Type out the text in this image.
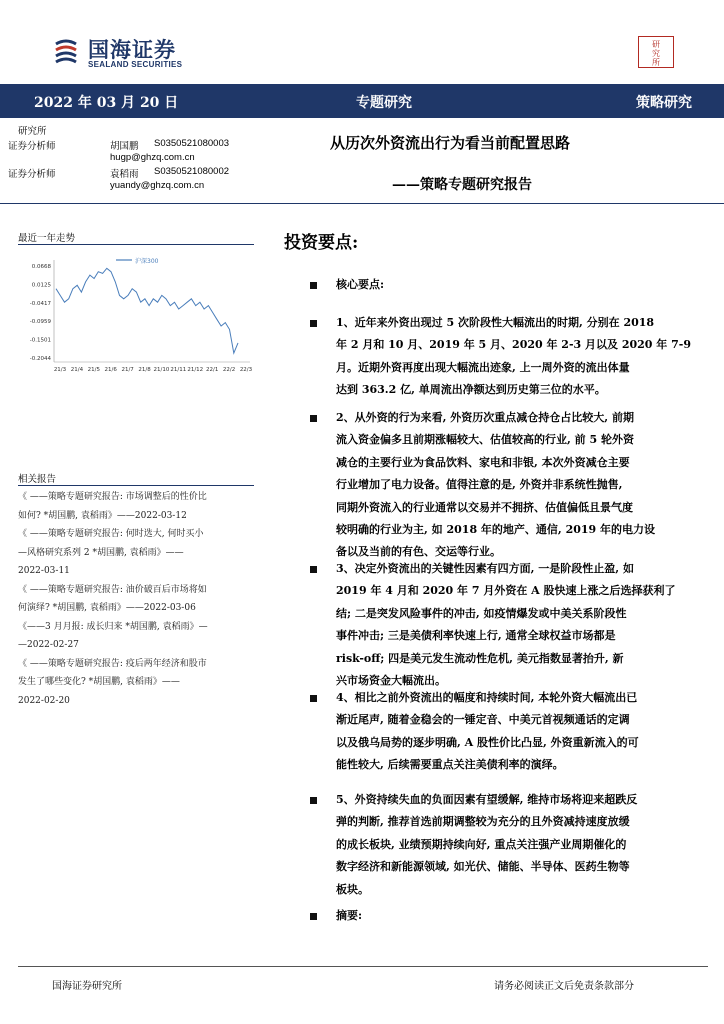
国海证券
SEALAND SECURITIES
研
究
所
2022 年 03 月 20 日	专题研究	策略研究
研究所
证券分析师	胡国鹏 S0350521080003
hugp@ghzq.com.cn
证券分析师	袁稻雨 S0350521080002
yuandy@ghzq.com.cn
从历次外资流出行为看当前配置思路
——策略专题研究报告
最近一年走势
0.0668
0.0125
-0.0417
-0.0959
-0.1501
-0.2044
21/3 21/4 21/5 21/6 21/7 21/8 21/10 21/11 21/12 22/1 22/2 22/3
沪深300
相关报告
《 ——策略专题研究报告: 市场调整后的性价比
如何? *胡国鹏, 袁稻雨》——2022-03-12
《 ——策略专题研究报告: 何时选大, 何时买小
—风格研究系列 2 *胡国鹏, 袁稻雨》——
2022-03-11
《 ——策略专题研究报告: 油价破百后市场将如
何演绎? *胡国鹏, 袁稻雨》——2022-03-06
《——3 月月报: 成长归来 *胡国鹏, 袁稻雨》—
—2022-02-27
《 ——策略专题研究报告: 疫后两年经济和股市
发生了哪些变化? *胡国鹏, 袁稻雨》——
2022-02-20
投资要点:
核心要点:
1、近年来外资出现过 5 次阶段性大幅流出的时期, 分别在 2018
年 2 月和 10 月、2019 年 5 月、2020 年 2-3 月以及 2020 年 7-9
月。近期外资再度出现大幅流出迹象, 上一周外资的流出体量
达到 363.2 亿, 单周流出净额达到历史第三位的水平。
2、从外资的行为来看, 外资历次重点减仓持仓占比较大, 前期
流入资金偏多且前期涨幅较大、估值较高的行业, 前 5 轮外资
减仓的主要行业为食品饮料、家电和非银, 本次外资减仓主要
行业增加了电力设备。值得注意的是, 外资并非系统性抛售,
同期外资流入的行业通常以交易并不拥挤、估值偏低且景气度
较明确的行业为主, 如 2018 年的地产、通信, 2019 年的电力设
备以及当前的有色、交运等行业。
3、决定外资流出的关键性因素有四方面, 一是阶段性止盈, 如
2019 年 4 月和 2020 年 7 月外资在 A 股快速上涨之后选择获利了
结; 二是突发风险事件的冲击, 如疫情爆发或中美关系阶段性
事件冲击; 三是美债利率快速上行, 通常全球权益市场都是
risk-off; 四是美元发生流动性危机, 美元指数显著抬升, 新
兴市场资金大幅流出。
4、相比之前外资流出的幅度和持续时间, 本轮外资大幅流出已
渐近尾声, 随着金稳会的一锤定音、中美元首视频通话的定调
以及俄乌局势的逐步明确, A 股性价比凸显, 外资重新流入的可
能性较大, 后续需要重点关注美债利率的演绎。
5、外资持续失血的负面因素有望缓解, 维持市场将迎来超跌反
弹的判断, 推荐首选前期调整较为充分的且外资减持速度放缓
的成长板块, 业绩预期持续向好, 重点关注强产业周期催化的
数字经济和新能源领域, 如光伏、储能、半导体、医药生物等
板块。
摘要:
国海证券研究所	请务必阅读正文后免责条款部分
